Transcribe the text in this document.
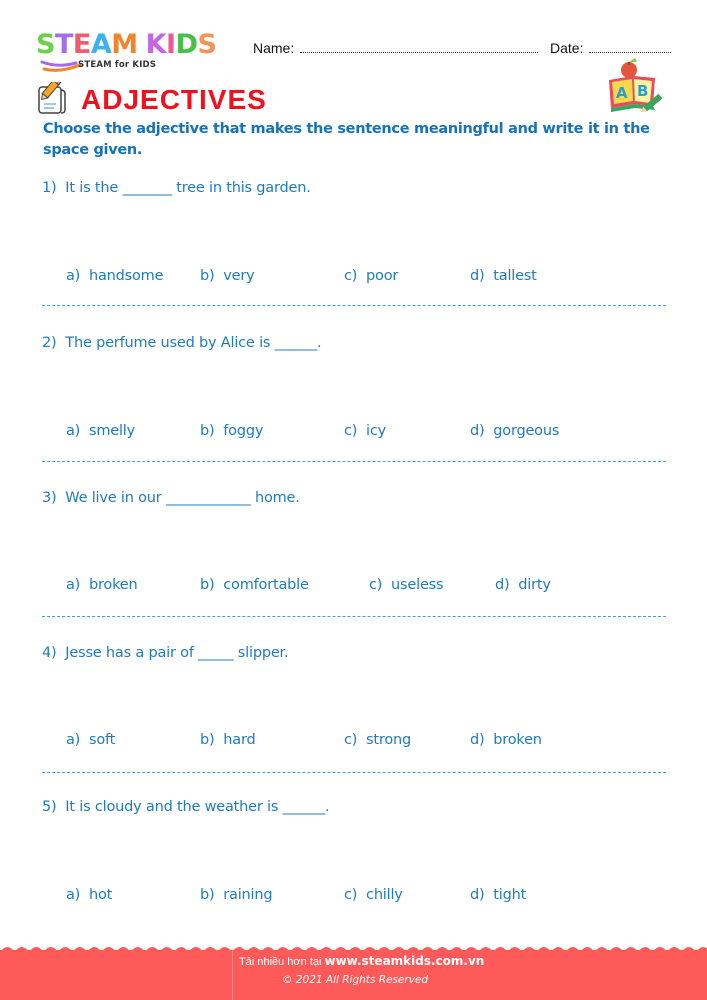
STEAM KIDS
STEAM for KIDS
Name:	Date:
ADJECTIVES	A B
Choose the adjective that makes the sentence meaningful and write it in the space given.
1)  It is the _______ tree in this garden.
a)  handsome	b)  very	c)  poor	d)  tallest
2)  The perfume used by Alice is ______.
a)  smelly	b)  foggy	c)  icy	d)  gorgeous
3)  We live in our ____________ home.
a)  broken	b)  comfortable	c)  useless	d)  dirty
4)  Jesse has a pair of _____ slipper.
a)  soft	b)  hard	c)  strong	d)  broken
5)  It is cloudy and the weather is ______.
a)  hot	b)  raining	c)  chilly	d)  tight
Tải nhiều hơn tại www.steamkids.com.vn
© 2021 All Rights Reserved
